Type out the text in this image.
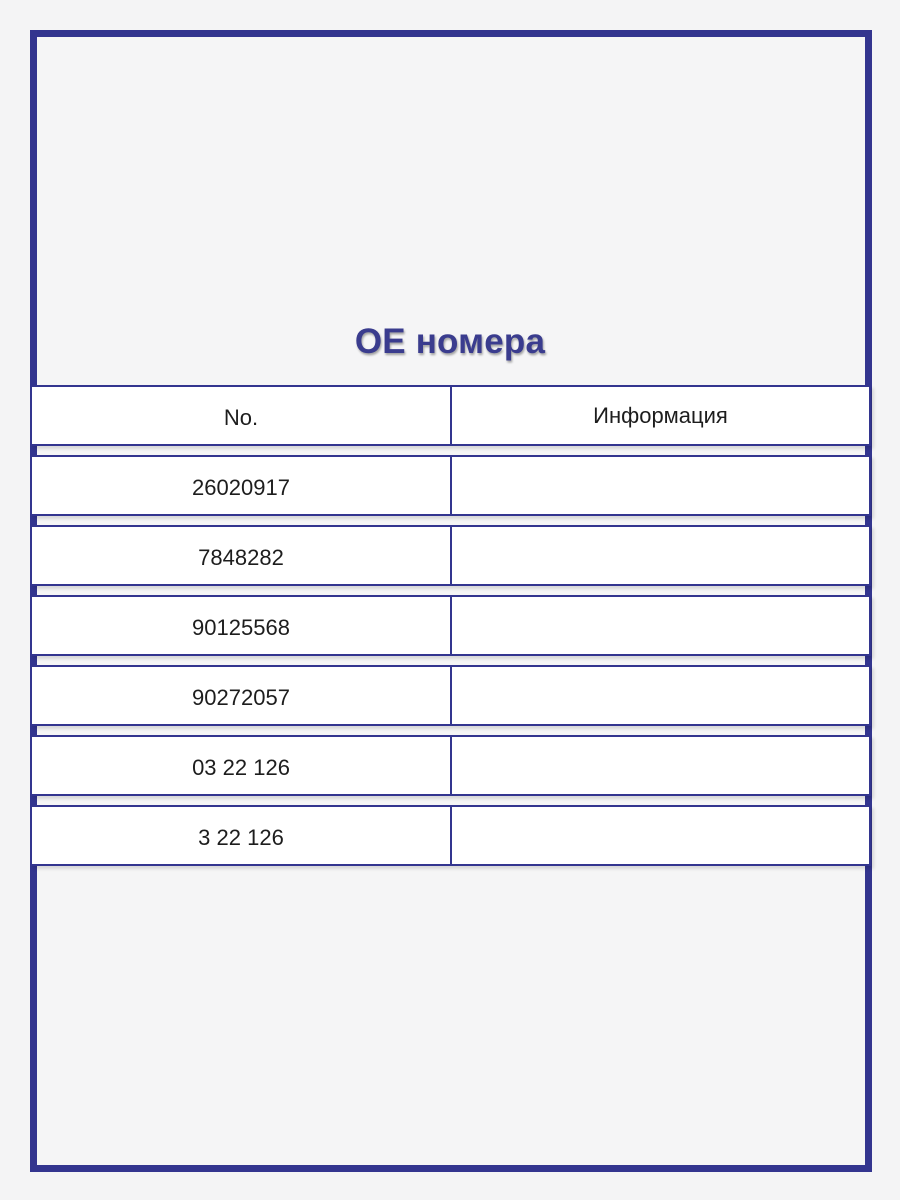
OE номера
No.	Информация
26020917
7848282
90125568
90272057
03 22 126
3 22 126
